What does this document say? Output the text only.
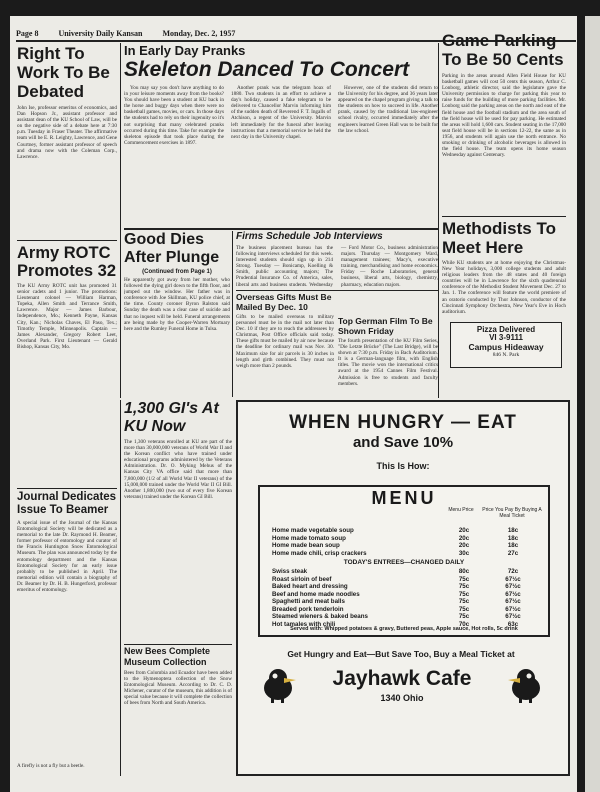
Page 8	University Daily Kansan	Monday, Dec. 2, 1957
Right To Work To Be Debated
John Ise, professor emeritus of economics, and Dan Hopson Jr., assistant professor and assistant dean of the KU School of Law, will be on the negative side of a debate here at 7:30 p.m. Tuesday in Fraser Theater. The affirmative team will be E. R. Leighty, Lawrence, and Gene Courtney, former assistant professor of speech and drama now with the Coleman Corp., Lawrence.
Army ROTC Promotes 32
The KU Army ROTC unit has promoted 31 senior cadets and 1 junior. The promotions: Lieutenant colonel — William Harman, Topeka, Allen Smith and Terrance Smith, Lawrence. Major — James Barbour, Independence, Mo.; Kenneth Payne, Kansas City, Kan.; Nicholas Chaves, El Paso, Tex.; Timothy Temple, Minneapolis. Captain — James Alexander, Gregory Robert Leet, Overland Park. First Lieutenant — Gerald Bishop, Kansas City, Mo.
Journal Dedicates Issue To Beamer
A special issue of the Journal of the Kansas Entomological Society will be dedicated as a memorial to the late Dr. Raymond H. Beamer, former professor of entomology and curator of the Francis Huntington Snow Entomological Museum. The plan was announced today by the entomology department and the Kansas Entomological Society for an early issue probably to be published in April. The memorial edition will contain a biography of Dr. Beamer by Dr. H. B. Hungerford, professor emeritus of entomology.
A firefly is not a fly but a beetle.
In Early Day Pranks
Skeleton Danced To Concert

You may say you don't have anything to do in your leisure moments away from the books? You should have been a student at KU back in the horse and buggy days when there were no basketball games, movies, or cars. In those days the students had to rely on their ingenuity so it's not surprising that many celebrated pranks occurred during this time. Take for example the skeleton episode that took place during the Commencement exercises in 1897.

Another prank was the telegram hoax of 1880. Two students in an effort to achieve a day's holiday, caused a fake telegram to be delivered to Chancellor Marvin informing him of the sudden death of Reverend F. T. Ingalls of Atchison, a regent of the University. Marvin left immediately for the funeral after leaving instructions that a memorial service be held the next day in the University chapel.

However, one of the students did return to the University for his degree, and 36 years later appeared on the chapel program giving a talk to the students on how to succeed in life. Another prank, caused by the traditional law-engineer school rivalry, occurred immediately after the engineers learned Green Hall was to be built for the law school.

Game Parking To Be 50 Cents
Parking in the areas around Allen Field House for KU basketball games will cost 50 cents this season, Arthur C. Lonborg, athletic director, said the legislature gave the University permission to charge for parking this year to raise funds for the building of more parking facilities. Mr. Lonborg said the parking areas on the north and east of the field house and the football stadium and the area south of the field house will be used for pay parking. He estimated the areas will hold 1,600 cars. Student seating in the 17,000 seat field house will be in sections 12-22, the same as in 1956, and students will again use the north entrance. No smoking or drinking of alcoholic beverages is allowed in the field house. The team opens its home season Wednesday against Centenary.
Methodists To Meet Here
While KU students are at home enjoying the Christmas-New Year holidays, 3,000 college students and adult religious leaders from the 48 states and 40 foreign countries will be in Lawrence for the sixth quadrennial conference of the Methodist Student Movement Dec. 27 to Jan. 1. The conference will feature the world premiere of an oratorio conducted by Thor Johnson, conductor of the Cincinnati Symphony Orchestra, New Year's Eve in Hoch auditorium.
Pizza Delivered
VI 3-9111
Campus Hideaway
846 N. Park
Good Dies After Plunge
(Continued from Page 1)
He apparently got away from her mother, who followed the dying girl down to the fifth floor, and jumped out the window. Her father was in conference with Joe Skillman, KU police chief, at the time. County coroner Byron Ralston said Sunday the death was a clear case of suicide and that no inquest will be held. Funeral arrangements are being made by the Cooper-Warren Mortuary here and the Rumley Funeral Home in Tulsa.
Firms Schedule Job Interviews
The business placement bureau has the following interviews scheduled for this week. Interested students should sign up in 214 Strong. Tuesday — Bonicamp, Koelling & Smith, public accounting majors; The Prudential Insurance Co. of America, sales, liberal arts and business students. Wednesday — Ford Motor Co., business administration majors. Thursday — Montgomery Ward, management trainees; Macy's, executive training, merchandising and home economics. Friday — Roche Laboratories, general business, liberal arts, biology, chemistry, pharmacy, education majors.
Overseas Gifts Must Be Mailed By Dec. 10
Gifts to be mailed overseas to military personnel must be in the mail not later than Dec. 10 if they are to reach the addressees by Christmas, Post Office officials said today. These gifts must be mailed by air now because the deadline for ordinary mail was Nov. 30. Maximum size for air parcels is 30 inches in length and girth combined. They must not weigh more than 2 pounds.
Top German Film To Be Shown Friday
The fourth presentation of the KU Film Series, "Die Letzte Brücke" (The Last Bridge), will be shown at 7:30 p.m. Friday in Bach Auditorium. It is a German-language film, with English titles. The movie won the international critics award at the 1954 Cannes Film Festival. Admission is free to students and faculty members.
1,300 GI's At KU Now
The 1,300 veterans enrolled at KU are part of the more than 30,000,000 veterans of World War II and the Korean conflict who have trained under educational programs administered by the Veterans Administration. Dr. O. Myking Mehus of the Kansas City VA office said that more than 7,800,000 (1/2 of all World War II veterans) of the 15,000,000 trained under the World War II GI Bill. Another 1,800,000 (two out of every five Korean veterans) trained under the Korean GI Bill.
New Bees Complete Museum Collection
Bees from Colombia and Ecuador have been added to the Hymenoptera collection of the Snow Entomological Museum. According to Dr. C. D. Michener, curator of the museum, this addition is of special value because it will complete the collection of bees from North and South America.
WHEN HUNGRY — EAT
and Save 10%
This Is How:
MENU
Menu Price	Price You Pay By Buying A Meal Ticket
Home made vegetable soup	20c	18c
Home made tomato soup	20c	18c
Home made bean soup	20c	18c
Home made chili, crisp crackers	30c	27c
TODAY'S ENTREES—CHANGED DAILY
Swiss steak	80c	72c
Roast sirloin of beef	75c	67½c
Baked heart and dressing	75c	67½c
Beef and home made noodles	75c	67½c
Spaghetti and meat balls	75c	67½c
Breaded pork tenderloin	75c	67½c
Steamed wieners & baked beans	75c	67½c
Hot tamales with chili	70c	63c
Served with: Whipped potatoes & gravy, Buttered peas, Apple sauce, Hot rolls, 5c drink
Get Hungry and Eat—But Save Too, Buy a Meal Ticket at
Jayhawk Cafe
1340 Ohio
